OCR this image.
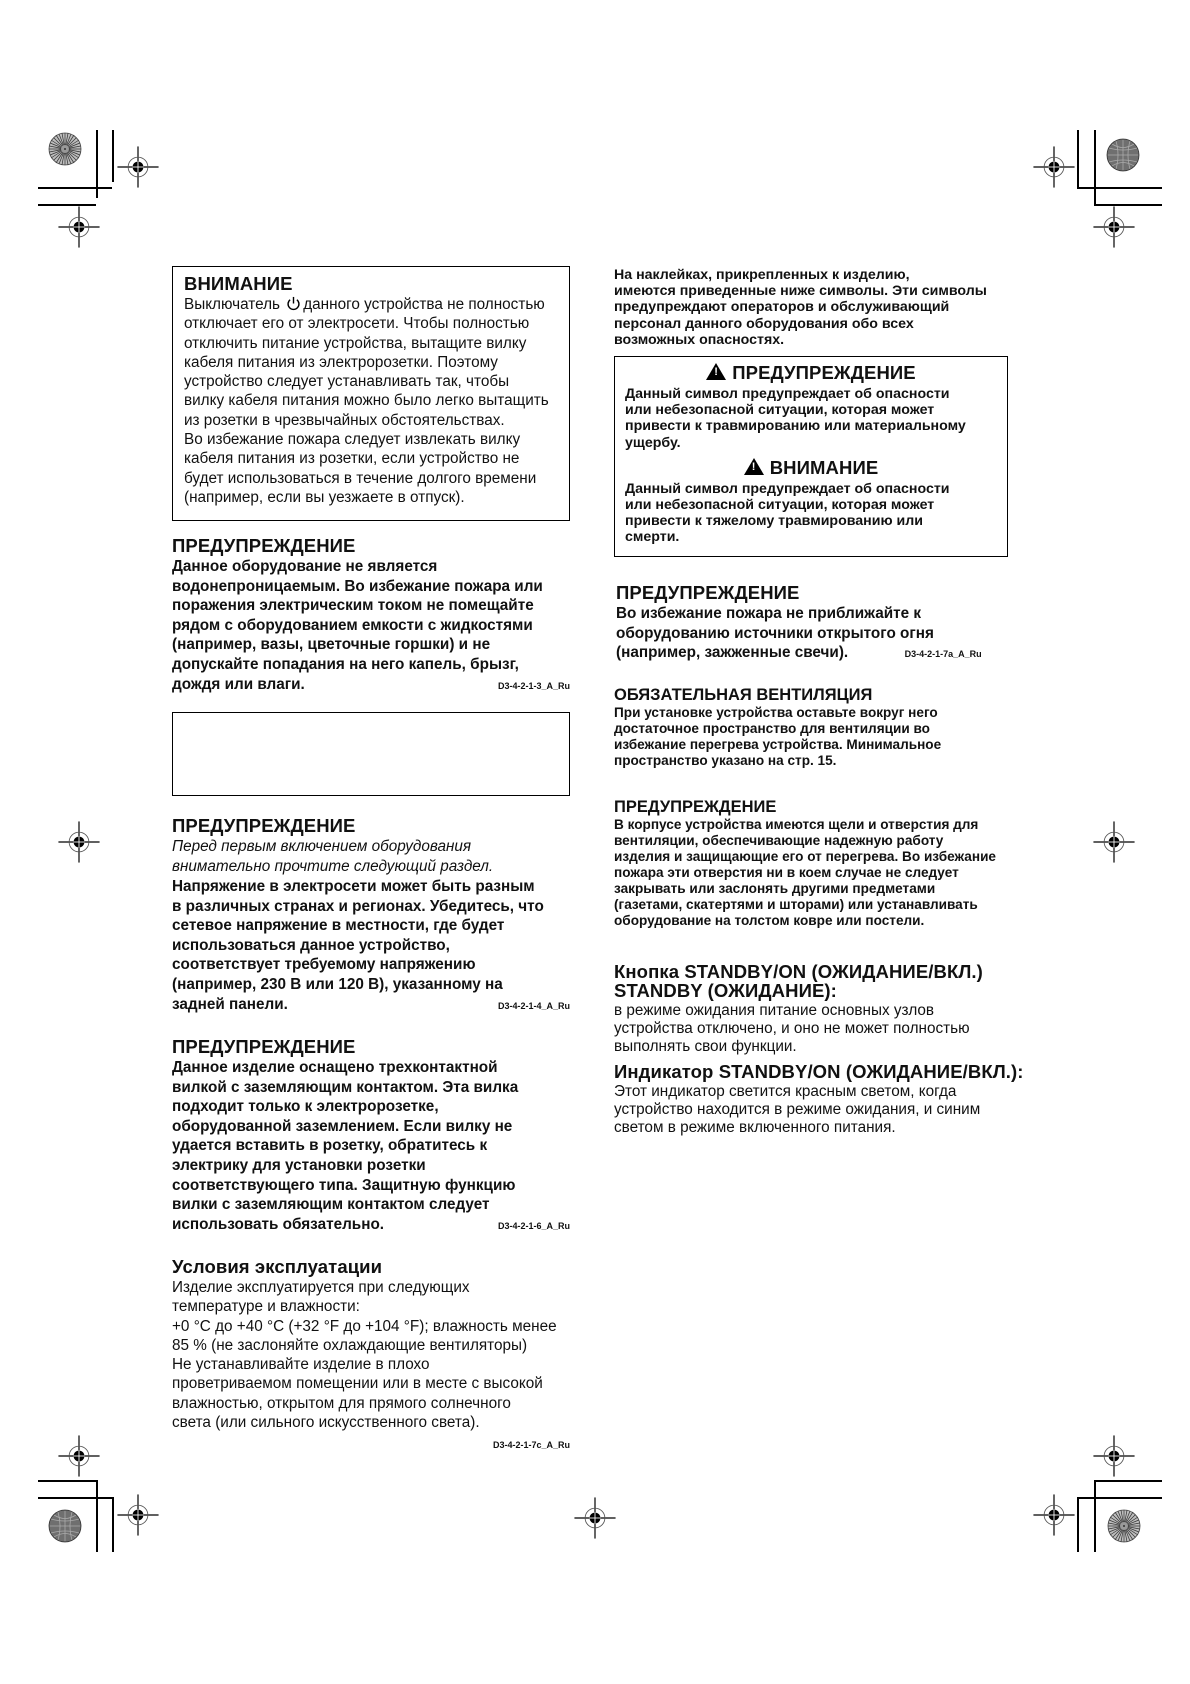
ВНИМАНИЕ
Выключатель данного устройства не полностью
отключает его от электросети. Чтобы полностью
отключить питание устройства, вытащите вилку
кабеля питания из электророзетки. Поэтому
устройство следует устанавливать так, чтобы
вилку кабеля питания можно было легко вытащить
из розетки в чрезвычайных обстоятельствах.
Во избежание пожара следует извлекать вилку
кабеля питания из розетки, если устройство не
будет использоваться в течение долгого времени
(например, если вы уезжаете в отпуск).
ПРЕДУПРЕЖДЕНИЕ
Данное оборудование не является
водонепроницаемым. Во избежание пожара или
поражения электрическим током не помещайте
рядом с оборудованием емкости с жидкостями
(например, вазы, цветочные горшки) и не
допускайте попадания на него капель, брызг,
дождя или влаги.	D3-4-2-1-3_A_Ru
ПРЕДУПРЕЖДЕНИЕ
Перед первым включением оборудования
внимательно прочтите следующий раздел.
Напряжение в электросети может быть разным
в различных странах и регионах. Убедитесь, что
сетевое напряжение в местности, где будет
использоваться данное устройство,
соответствует требуемому напряжению
(например, 230 В или 120 В), указанному на
задней панели.	D3-4-2-1-4_A_Ru
ПРЕДУПРЕЖДЕНИЕ
Данное изделие оснащено трехконтактной
вилкой с заземляющим контактом. Эта вилка
подходит только к электророзетке,
оборудованной заземлением. Если вилку не
удается вставить в розетку, обратитесь к
электрику для установки розетки
соответствующего типа. Защитную функцию
вилки с заземляющим контактом следует
использовать обязательно.	D3-4-2-1-6_A_Ru
Условия эксплуатации
Изделие эксплуатируется при следующих
температуре и влажности:
+0 °C до +40 °C (+32 °F до +104 °F); влажность менее
85 % (не заслоняйте охлаждающие вентиляторы)
Не устанавливайте изделие в плохо
проветриваемом помещении или в месте с высокой
влажностью, открытом для прямого солнечного
света (или сильного искусственного света).
D3-4-2-1-7c_A_Ru
На наклейках, прикрепленных к изделию,
имеются приведенные ниже символы. Эти символы
предупреждают операторов и обслуживающий
персонал данного оборудования обо всех
возможных опасностях.
!ПРЕДУПРЕЖДЕНИЕ
Данный символ предупреждает об опасности
или небезопасной ситуации, которая может
привести к травмированию или материальному
ущербу.
!ВНИМАНИЕ
Данный символ предупреждает об опасности
или небезопасной ситуации, которая может
привести к тяжелому травмированию или
смерти.
ПРЕДУПРЕЖДЕНИЕ
Во избежание пожара не приближайте к
оборудованию источники открытого огня
(например, зажженные свечи).	D3-4-2-1-7a_A_Ru
ОБЯЗАТЕЛЬНАЯ ВЕНТИЛЯЦИЯ
При установке устройства оставьте вокруг него
достаточное пространство для вентиляции во
избежание перегрева устройства. Минимальное
пространство указано на стр. 15.
ПРЕДУПРЕЖДЕНИЕ
В корпусе устройства имеются щели и отверстия для
вентиляции, обеспечивающие надежную работу
изделия и защищающие его от перегрева. Во избежание
пожара эти отверстия ни в коем случае не следует
закрывать или заслонять другими предметами
(газетами, скатертями и шторами) или устанавливать
оборудование на толстом ковре или постели.
Кнопка STANDBY/ON (ОЖИДАНИЕ/ВКЛ.)
STANDBY (ОЖИДАНИЕ):
в режиме ожидания питание основных узлов
устройства отключено, и оно не может полностью
выполнять свои функции.
Индикатор STANDBY/ON (ОЖИДАНИЕ/ВКЛ.):
Этот индикатор светится красным светом, когда
устройство находится в режиме ожидания, и синим
светом в режиме включенного питания.
